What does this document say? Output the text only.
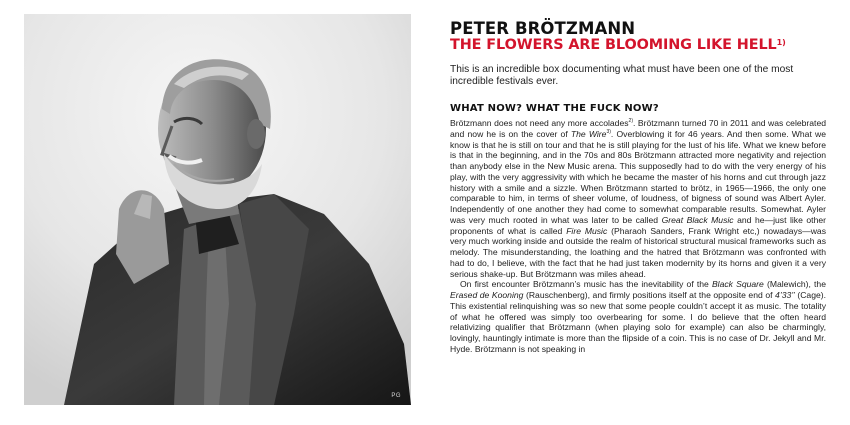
PG
PETER BRÖTZMANN
THE FLOWERS ARE BLOOMING LIKE HELL$^{1)}$

This is an incredible box documenting what must have been one of the most incredible festivals ever.

WHAT NOW? WHAT THE FUCK NOW?

Brötzmann does not need any more accolades$^{2)}$. Brötzmann turned 70 in 2011 and was celebrated and now he is on the cover of The Wire$^{3)}$. Overblowing it for 46 years. And then some. What we know is that he is still on tour and that he is still playing for the lust of his life. What we knew before is that in the beginning, and in the 70s and 80s Brötzmann attracted more negativity and rejection than anybody else in the New Music arena. This supposedly had to do with the very energy of his play, with the very aggressivity with which he became the master of his horns and cut through jazz history with a smile and a sizzle. When Brötzmann started to brötz, in 1965—1966, the only one comparable to him, in terms of sheer volume, of loudness, of bigness of sound was Albert Ayler. Independently of one another they had come to somewhat comparable results. Somewhat. Ayler was very much rooted in what was later to be called Great Black Music and he—just like other proponents of what is called Fire Music (Pharaoh Sanders, Frank Wright etc,) nowadays—was very much working inside and outside the realm of historical structural musical frameworks such as melody. The misunderstanding, the loathing and the hatred that Brötzmann was confronted with had to do, I believe, with the fact that he had just taken modernity by its horns and given it a very serious shake-up. But Brötzmann was miles ahead.

On first encounter Brötzmann’s music has the inevitability of the Black Square (Malewich), the Erased de Kooning (Rauschenberg), and firmly positions itself at the opposite end of 4’33’’ (Cage). This existential relinquishing was so new that some people couldn’t accept it as music. The totality of what he offered was simply too overbearing for some. I do believe that the often heard relativizing qualifier that Brötzmann (when playing solo for example) can also be charmingly, lovingly, hauntingly intimate is more than the flipside of a coin. This is no case of Dr. Jekyll and Mr. Hyde. Brötzmann is not speaking in
